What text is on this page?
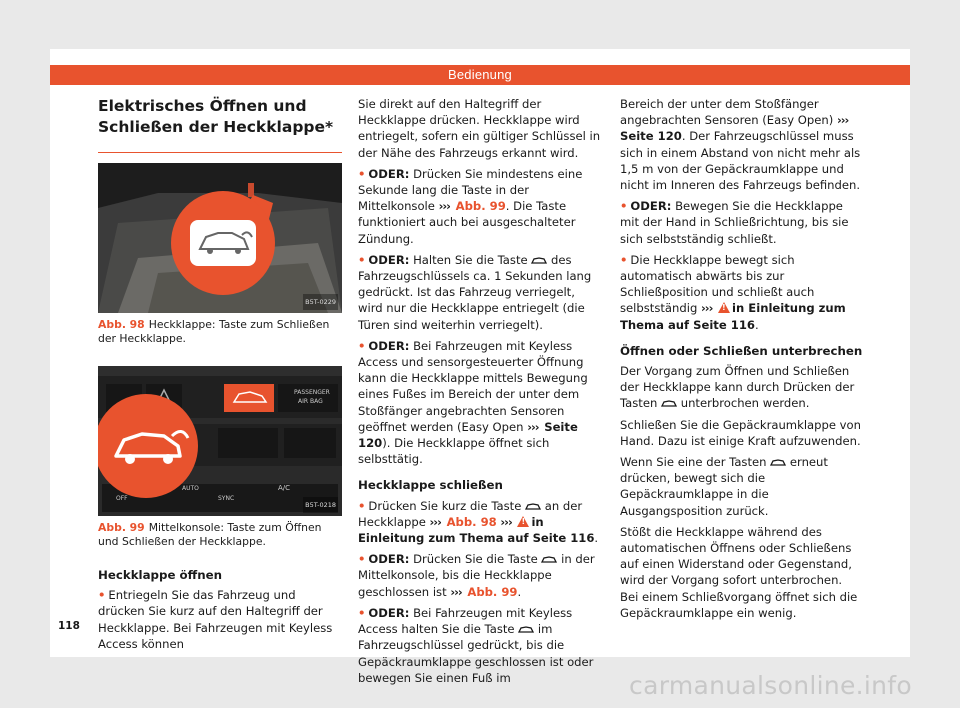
Bedienung
Elektrisches Öffnen und Schließen der Heckklappe*
B5T-0229
Abb. 98 Heckklappe: Taste zum Schließen der Heckklappe.
PASSENGER
AIR BAG
OFF	SYNC
A/C
AUTO
B5T-0218
Abb. 99 Mittelkonsole: Taste zum Öffnen und Schließen der Heckklappe.
Heckklappe öffnen
• Entriegeln Sie das Fahrzeug und drücken Sie kurz auf den Haltegriff der Heckklappe. Bei Fahrzeugen mit Keyless Access können
Sie direkt auf den Haltegriff der Heckklappe drücken. Heckklappe wird entriegelt, sofern ein gültiger Schlüssel in der Nähe des Fahrzeugs erkannt wird.
• ODER: Drücken Sie mindestens eine Sekunde lang die Taste in der Mittelkonsole ››› Abb. 99. Die Taste funktioniert auch bei ausgeschalteter Zündung.
• ODER: Halten Sie die Taste des Fahrzeugschlüssels ca. 1 Sekunden lang gedrückt. Ist das Fahrzeug verriegelt, wird nur die Heckklappe entriegelt (die Türen sind weiterhin verriegelt).
• ODER: Bei Fahrzeugen mit Keyless Access und sensorgesteuerter Öffnung kann die Heckklappe mittels Bewegung eines Fußes im Bereich der unter dem Stoßfänger angebrachten Sensoren geöffnet werden (Easy Open ››› Seite 120). Die Heckklappe öffnet sich selbsttätig.
Heckklappe schließen
• Drücken Sie kurz die Taste an der Heckklappe ››› Abb. 98 ››› ! in Einleitung zum Thema auf Seite 116.
• ODER: Drücken Sie die Taste in der Mittelkonsole, bis die Heckklappe geschlossen ist ››› Abb. 99.
• ODER: Bei Fahrzeugen mit Keyless Access halten Sie die Taste im Fahrzeugschlüssel gedrückt, bis die Gepäckraumklappe geschlossen ist oder bewegen Sie einen Fuß im
Bereich der unter dem Stoßfänger angebrachten Sensoren (Easy Open) ››› Seite 120. Der Fahrzeugschlüssel muss sich in einem Abstand von nicht mehr als 1,5 m von der Gepäckraumklappe und nicht im Inneren des Fahrzeugs befinden.
• ODER: Bewegen Sie die Heckklappe mit der Hand in Schließrichtung, bis sie sich selbstständig schließt.
• Die Heckklappe bewegt sich automatisch abwärts bis zur Schließposition und schließt auch selbstständig ››› ! in Einleitung zum Thema auf Seite 116.
Öffnen oder Schließen unterbrechen
Der Vorgang zum Öffnen und Schließen der Heckklappe kann durch Drücken der Tasten unterbrochen werden.
Schließen Sie die Gepäckraumklappe von Hand. Dazu ist einige Kraft aufzuwenden.
Wenn Sie eine der Tasten erneut drücken, bewegt sich die Gepäckraumklappe in die Ausgangsposition zurück.
Stößt die Heckklappe während des automatischen Öffnens oder Schließens auf einen Widerstand oder Gegenstand, wird der Vorgang sofort unterbrochen. Bei einem Schließvorgang öffnet sich die Gepäckraumklappe ein wenig.
118
carmanualsonline.info
